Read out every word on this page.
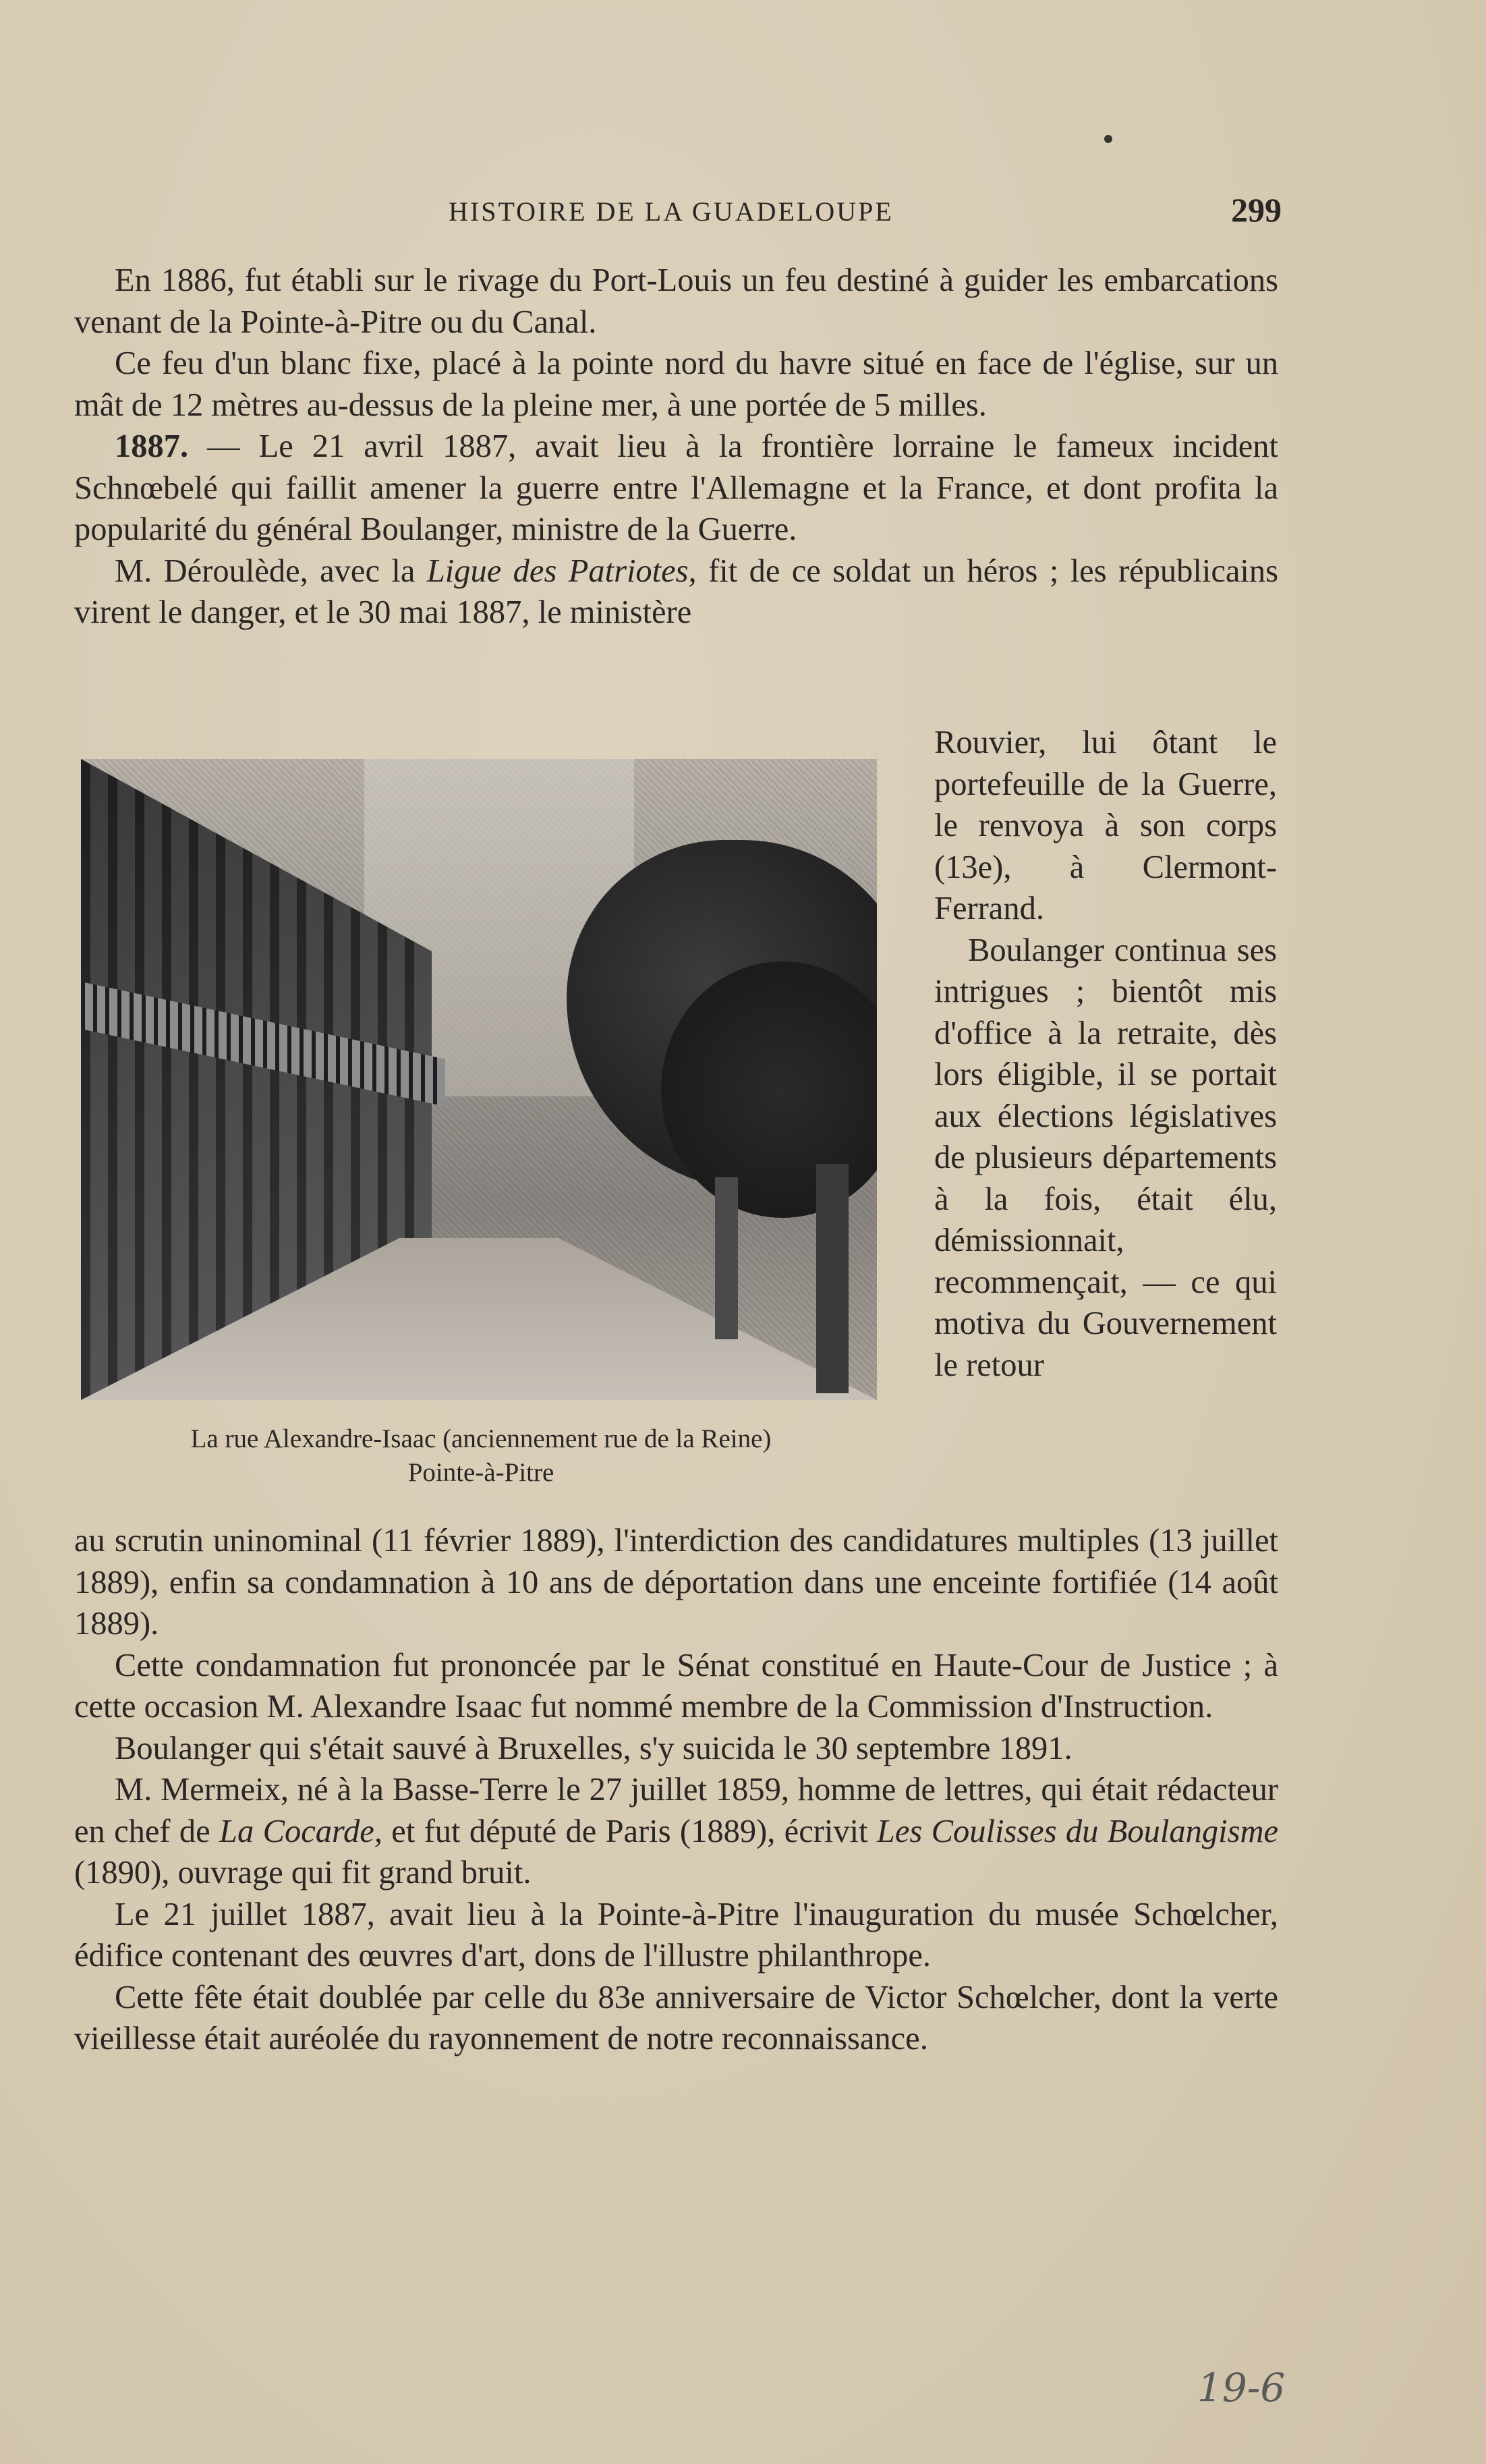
HISTOIRE DE LA GUADELOUPE	299

En 1886, fut établi sur le rivage du Port-Louis un feu destiné à guider les embarcations venant de la Pointe-à-Pitre ou du Canal.

Ce feu d'un blanc fixe, placé à la pointe nord du havre situé en face de l'église, sur un mât de 12 mètres au-dessus de la pleine mer, à une portée de 5 milles.

1887. — Le 21 avril 1887, avait lieu à la frontière lorraine le fameux incident Schnœbelé qui faillit amener la guerre entre l'Allemagne et la France, et dont profita la popularité du général Boulanger, ministre de la Guerre.

M. Déroulède, avec la Ligue des Patriotes, fit de ce soldat un héros ; les républicains virent le danger, et le 30 mai 1887, le ministère

La rue Alexandre-Isaac (anciennement rue de la Reine)
Pointe-à-Pitre

Rouvier, lui ôtant le portefeuille de la Guerre, le renvoya à son corps (13e), à Clermont-Ferrand.

Boulanger continua ses intrigues ; bientôt mis d'office à la retraite, dès lors éligible, il se portait aux élections législatives de plusieurs départements à la fois, était élu, démissionnait, recommençait, — ce qui motiva du Gouvernement le retour

au scrutin uninominal (11 février 1889), l'interdiction des candidatures multiples (13 juillet 1889), enfin sa condamnation à 10 ans de déportation dans une enceinte fortifiée (14 août 1889).

Cette condamnation fut prononcée par le Sénat constitué en Haute-Cour de Justice ; à cette occasion M. Alexandre Isaac fut nommé membre de la Commission d'Instruction.

Boulanger qui s'était sauvé à Bruxelles, s'y suicida le 30 septembre 1891.

M. Mermeix, né à la Basse-Terre le 27 juillet 1859, homme de lettres, qui était rédacteur en chef de La Cocarde, et fut député de Paris (1889), écrivit Les Coulisses du Boulangisme (1890), ouvrage qui fit grand bruit.

Le 21 juillet 1887, avait lieu à la Pointe-à-Pitre l'inauguration du musée Schœlcher, édifice contenant des œuvres d'art, dons de l'illustre philanthrope.

Cette fête était doublée par celle du 83e anniversaire de Victor Schœlcher, dont la verte vieillesse était auréolée du rayonnement de notre reconnaissance.

19-6
